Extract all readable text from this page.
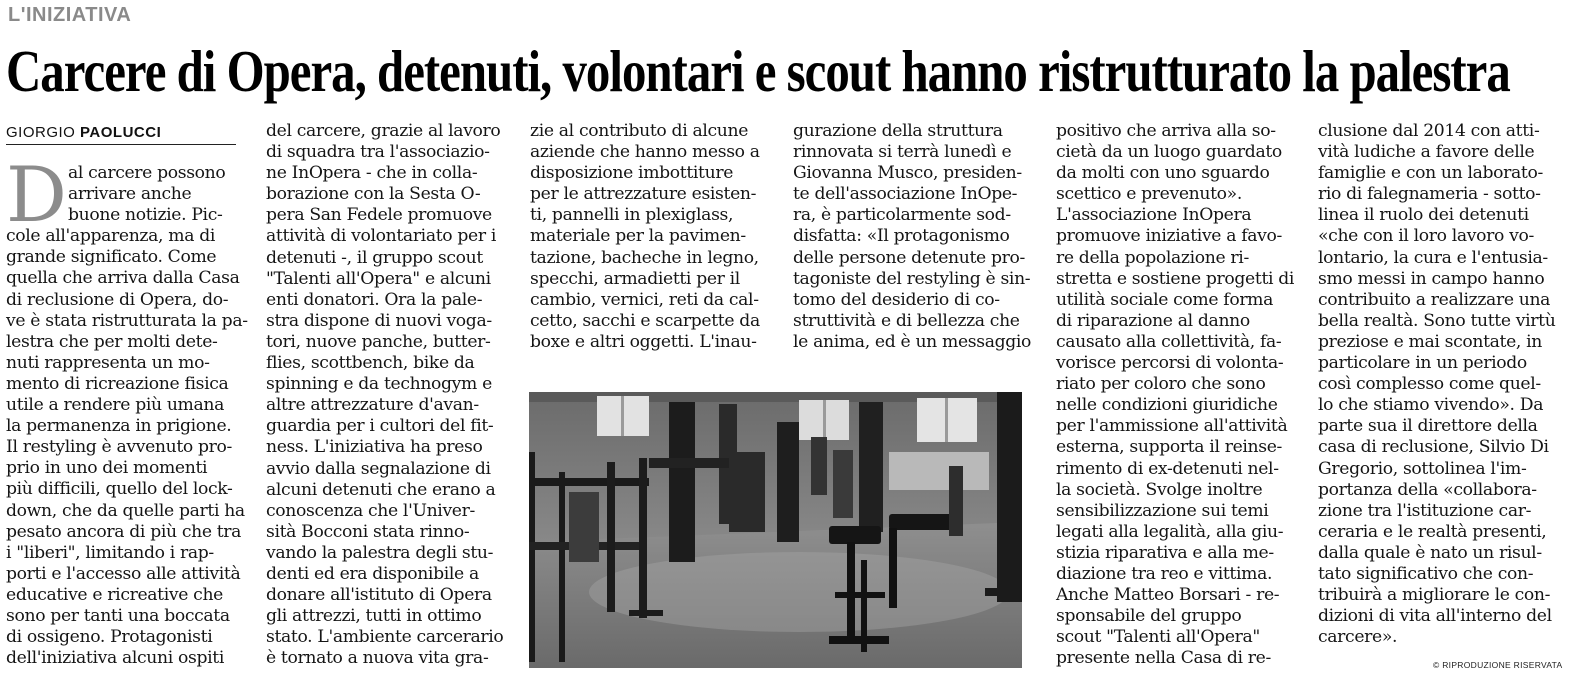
L'INIZIATIVA
Carcere di Opera, detenuti, volontari e scout hanno ristrutturato la palestra
GIORGIO PAOLUCCI
D al carcere possono

arrivare anche

buone notizie. Pic-

cole all'apparenza, ma di

grande significato. Come

quella che arriva dalla Casa

di reclusione di Opera, do-

ve è stata ristrutturata la pa-

lestra che per molti dete-

nuti rappresenta un mo-

mento di ricreazione fisica

utile a rendere più umana

la permanenza in prigione.

Il restyling è avvenuto pro-

prio in uno dei momenti

più difficili, quello del lock-

down, che da quelle parti ha

pesato ancora di più che tra

i "liberi", limitando i rap-

porti e l'accesso alle attività

educative e ricreative che

sono per tanti una boccata

di ossigeno. Protagonisti

dell'iniziativa alcuni ospiti

del carcere, grazie al lavoro

di squadra tra l'associazio-

ne InOpera - che in colla-

borazione con la Sesta O-

pera San Fedele promuove

attività di volontariato per i

detenuti -, il gruppo scout

"Talenti all'Opera" e alcuni

enti donatori. Ora la pale-

stra dispone di nuovi voga-

tori, nuove panche, butter-

flies, scottbench, bike da

spinning e da technogym e

altre attrezzature d'avan-

guardia per i cultori del fit-

ness. L'iniziativa ha preso

avvio dalla segnalazione di

alcuni detenuti che erano a

conoscenza che l'Univer-

sità Bocconi stata rinno-

vando la palestra degli stu-

denti ed era disponibile a

donare all'istituto di Opera

gli attrezzi, tutti in ottimo

stato. L'ambiente carcerario

è tornato a nuova vita gra-

zie al contributo di alcune

aziende che hanno messo a

disposizione imbottiture

per le attrezzature esisten-

ti, pannelli in plexiglass,

materiale per la pavimen-

tazione, bacheche in legno,

specchi, armadietti per il

cambio, vernici, reti da cal-

cetto, sacchi e scarpette da

boxe e altri oggetti. L'inau-

gurazione della struttura

rinnovata si terrà lunedì e

Giovanna Musco, presiden-

te dell'associazione InOpe-

ra, è particolarmente sod-

disfatta: «Il protagonismo

delle persone detenute pro-

tagoniste del restyling è sin-

tomo del desiderio di co-

struttività e di bellezza che

le anima, ed è un messaggio

positivo che arriva alla so-

cietà da un luogo guardato

da molti con uno sguardo

scettico e prevenuto».

L'associazione InOpera

promuove iniziative a favo-

re della popolazione ri-

stretta e sostiene progetti di

utilità sociale come forma

di riparazione al danno

causato alla collettività, fa-

vorisce percorsi di volonta-

riato per coloro che sono

nelle condizioni giuridiche

per l'ammissione all'attività

esterna, supporta il reinse-

rimento di ex-detenuti nel-

la società. Svolge inoltre

sensibilizzazione sui temi

legati alla legalità, alla giu-

stizia riparativa e alla me-

diazione tra reo e vittima.

Anche Matteo Borsari - re-

sponsabile del gruppo

scout "Talenti all'Opera"

presente nella Casa di re-

clusione dal 2014 con atti-

vità ludiche a favore delle

famiglie e con un laborato-

rio di falegnameria - sotto-

linea il ruolo dei detenuti

«che con il loro lavoro vo-

lontario, la cura e l'entusia-

smo messi in campo hanno

contribuito a realizzare una

bella realtà. Sono tutte virtù

preziose e mai scontate, in

particolare in un periodo

così complesso come quel-

lo che stiamo vivendo». Da

parte sua il direttore della

casa di reclusione, Silvio Di

Gregorio, sottolinea l'im-

portanza della «collabora-

zione tra l'istituzione car-

ceraria e le realtà presenti,

dalla quale è nato un risul-

tato significativo che con-

tribuirà a migliorare le con-

dizioni di vita all'interno del

carcere».

© RIPRODUZIONE RISERVATA
